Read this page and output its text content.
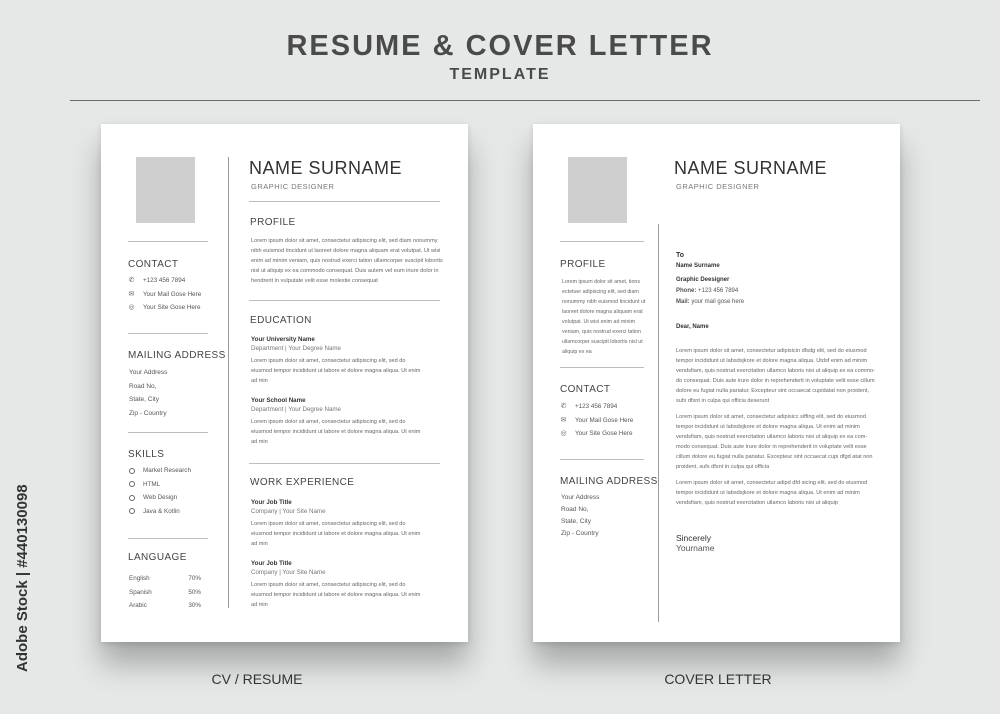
RESUME & COVER LETTER
TEMPLATE
Adobe Stock | #440130098
NAME SURNAME
GRAPHIC DESIGNER
CONTACT
✆ +123 456 7894
✉ Your Mail Gose Here
◎ Your Site Gose Here
MAILING ADDRESS
Your Address
Road No,
State, City
Zip - Country
SKILLS
Market Research
HTML
Web Design
Java & Kotlin
LANGUAGE
English	70%
Spanish	50%
Arabic	30%
PROFILE
Lorem ipsum dolor sit amet, consectetur adipiscing elit, sed diam nonummy nibh euismod tincidunt ut laoreet dolore magna aliquam erat volutpat. Ut wisi enim ad minim veniam, quis nostrud exerci tation ullamcorper suscipit lobortis nisl ut aliquip ex ea commodo consequat. Duis autem vel eum iriure dolor in hendrerit in vulputate velit esse molestie consequat
EDUCATION
Your University Name
Department | Your Degree Name
Lorem ipsum dolor sit amet, consectetur adipiscing elit, sed do eiusmod tempor incididunt ut labore et dolore magna aliqua. Ut enim ad min
Your School Name
Department | Your Degree Name
Lorem ipsum dolor sit amet, consectetur adipiscing elit, sed do eiusmod tempor incididunt ut labore et dolore magna aliqua. Ut enim ad min
WORK EXPERIENCE
Your Job Title
Company | Your Site Name
Lorem ipsum dolor sit amet, consectetur adipiscing elit, sed do eiusmod tempor incididunt ut labore et dolore magna aliqua. Ut enim ad min
Your Job Title
Company | Your Site Name
Lorem ipsum dolor sit amet, consectetur adipiscing elit, sed do eiusmod tempor incididunt ut labore et dolore magna aliqua. Ut enim ad min
NAME SURNAME
GRAPHIC DESIGNER
PROFILE
Lorem ipsum dolor sit amet, tions ectetuer adipiscing elit, sed diam nonummy nibh euismod tincidunt ut laoreet dolore magna aliquam erat volutpat. Ut wisi enim ad minim veniam, quis nostrud exerci tation ullamcorper suscipit lobortis nisl ut aliquip ex ea
CONTACT
✆ +123 456 7894
✉ Your Mail Gose Here
◎ Your Site Gose Here
MAILING ADDRESS
Your Address
Road No,
State, City
Zip - Country
To
Name Surname
Graphic Deesigner
Phone: +123 456 7894
Mail: your mail gose here
Dear, Name
Lorem ipsum dolor sit amet, consectetur adipisicin dfsdg elit, sed do eiusmod tempor incididunt ut labsdsjkore et dolore magna aliqua. Utdsf enim ad minim vendsfiam, quis nostrud exercitation ullamco laboris nisi ut aliquip ex ea commo-do consequat. Duis aute irure dolor in reprehenderit in voluptate velit esse cillum dolore eu fugiat nulla pariatur. Excepteur sint occaecat cupidatat non proident, sufs dfsnt in culpa qui officia deserunt
Lorem ipsum dolor sit amet, consectetur adipisicc siffing elit, sed do eiusmod tempor incididunt ut labsdsjkore et dolore magna aliqua. Ut enim ad minim vendsfiam, quis nostrud exercitation ullamco laboris nisi ut aliquip ex ea com-modo consequat. Duis aute irure dolor in reprehenderit in voluptate velit esse cillum dolore eu fugiat nulla pariatur. Excepteur sint occaecat cupi dfgd atat non proident, sufs dfsnt in culpa qui officia
Lorem ipsum dolor sit amet, consectetur adipd dfd sicing elit, sed do eiusmod tempor incididunt ut labsdsjkore et dolore magna aliqua. Ut enim ad minim vendsfiam, quis nostrud exercitation ullamco laboris nisi ut aliquip
Sincerely
Yourname
CV / RESUME	COVER LETTER
